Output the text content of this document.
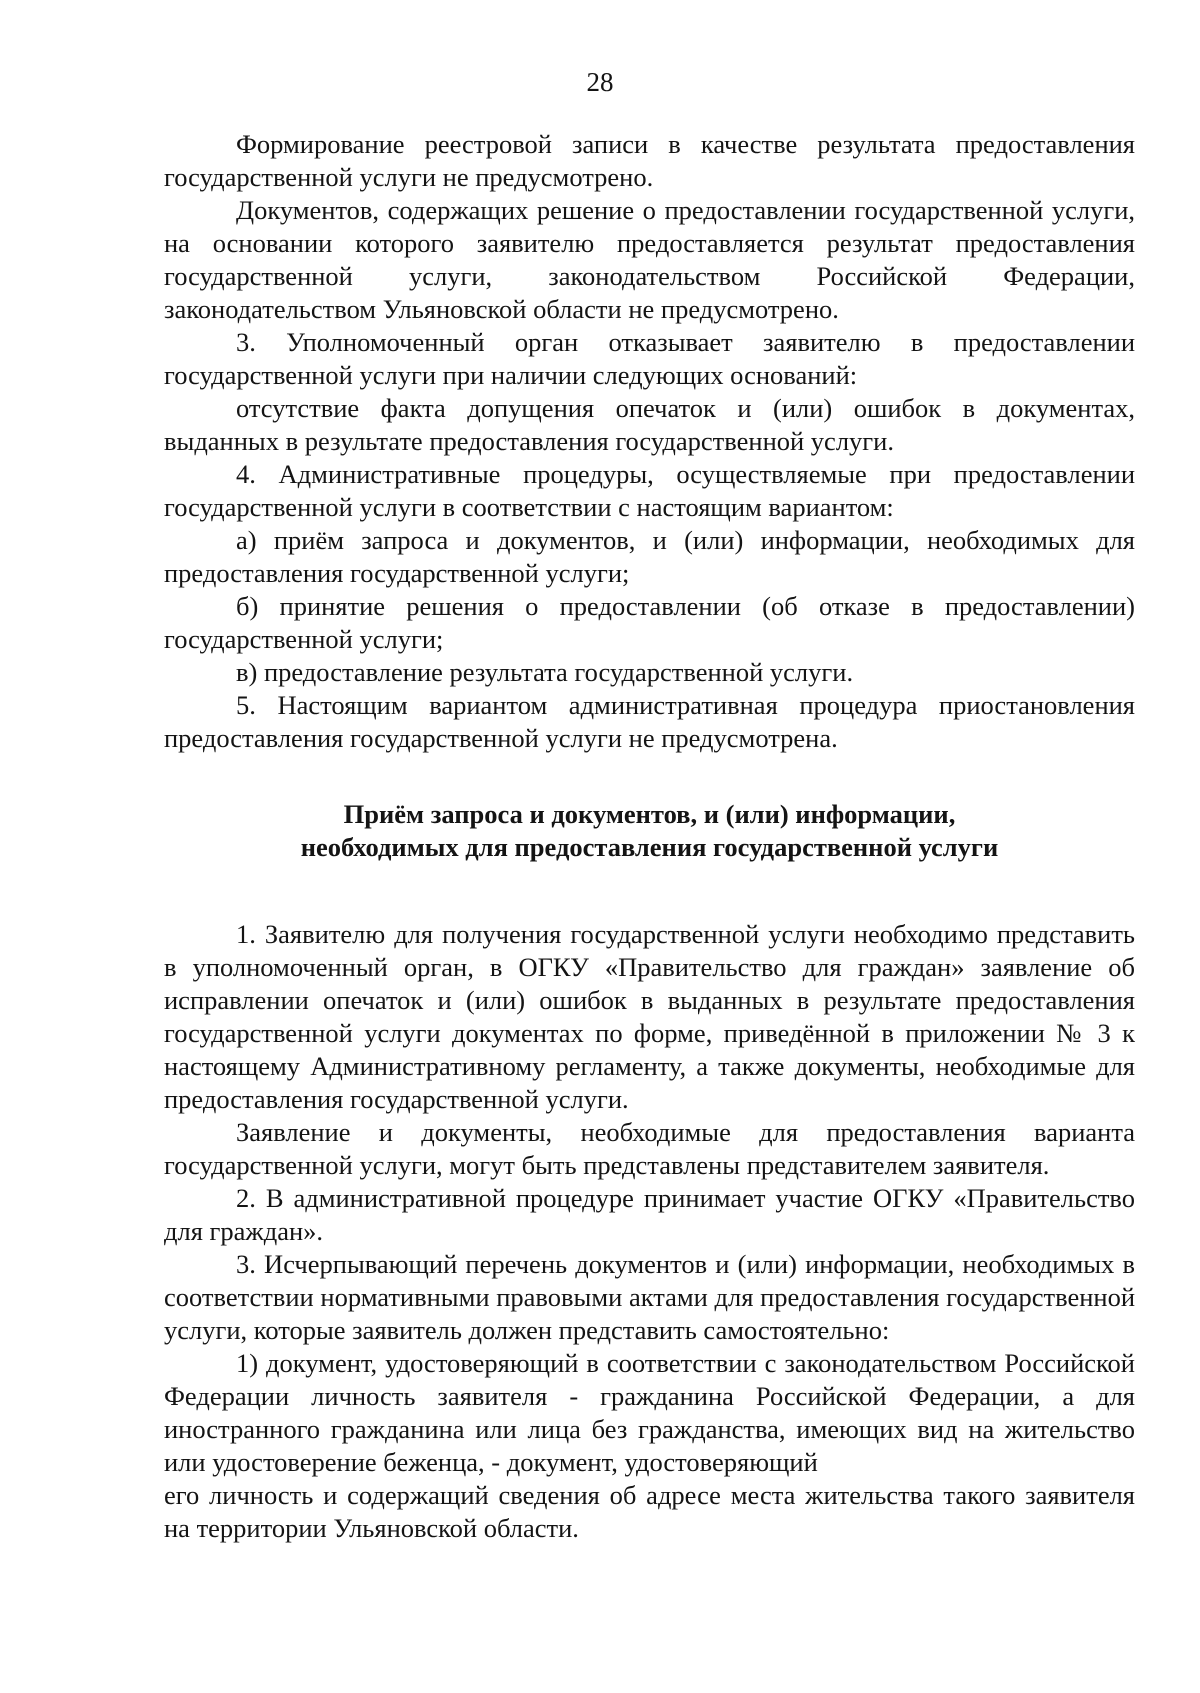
28

Формирование реестровой записи в качестве результата предоставления государственной услуги не предусмотрено.

Документов, содержащих решение о предоставлении государственной услуги, на основании которого заявителю предоставляется результат предоставления государственной услуги, законодательством Российской Федерации, законодательством Ульяновской области не предусмотрено.

3. Уполномоченный орган отказывает заявителю в предоставлении государственной услуги при наличии следующих оснований:

отсутствие факта допущения опечаток и (или) ошибок в документах, выданных в результате предоставления государственной услуги.

4. Административные процедуры, осуществляемые при предоставлении государственной услуги в соответствии с настоящим вариантом:

а) приём запроса и документов, и (или) информации, необходимых для предоставления государственной услуги;

б) принятие решения о предоставлении (об отказе в предоставлении) государственной услуги;

в) предоставление результата государственной услуги.

5. Настоящим вариантом административная процедура приостановления предоставления государственной услуги не предусмотрена.

Приём запроса и документов, и (или) информации,
необходимых для предоставления государственной услуги

1. Заявителю для получения государственной услуги необходимо представить в уполномоченный орган, в ОГКУ «Правительство для граждан» заявление об исправлении опечаток и (или) ошибок в выданных в результате предоставления государственной услуги документах по форме, приведённой в приложении № 3 к настоящему Административному регламенту, а также документы, необходимые для предоставления государственной услуги.

Заявление и документы, необходимые для предоставления варианта государственной услуги, могут быть представлены представителем заявителя.

2. В административной процедуре принимает участие ОГКУ «Правительство для граждан».

3. Исчерпывающий перечень документов и (или) информации, необходимых в соответствии нормативными правовыми актами для предоставления государственной услуги, которые заявитель должен представить самостоятельно:

1) документ, удостоверяющий в соответствии с законодательством Российской Федерации личность заявителя - гражданина Российской Федерации, а для иностранного гражданина или лица без гражданства, имеющих вид на жительство или удостоверение беженца, - документ, удостоверяющий

его личность и содержащий сведения об адресе места жительства такого заявителя на территории Ульяновской области.
